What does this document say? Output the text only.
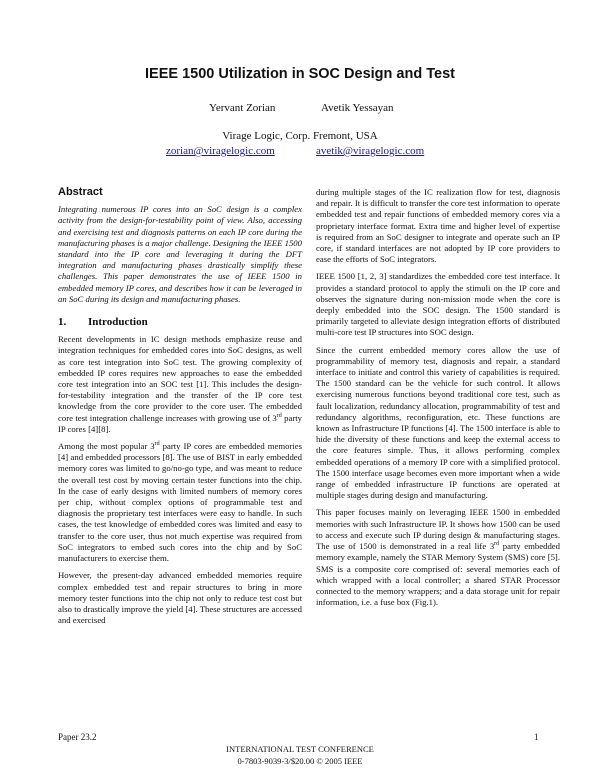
IEEE 1500 Utilization in SOC Design and Test
Yervant Zorian	Avetik Yessayan
Virage Logic, Corp. Fremont, USA
zorian@viragelogic.com	avetik@viragelogic.com
Abstract

Integrating numerous IP cores into an SoC design is a complex activity from the design-for-testability point of view. Also, accessing and exercising test and diagnosis patterns on each IP core during the manufacturing phases is a major challenge. Designing the IEEE 1500 standard into the IP core and leveraging it during the DFT integration and manufacturing phases drastically simplify these challenges. This paper demonstrates the use of IEEE 1500 in embedded memory IP cores, and describes how it can be leveraged in an SoC during its design and manufacturing phases.

1. Introduction

Recent developments in IC design methods emphasize reuse and integration techniques for embedded cores into SoC designs, as well as core test integration into SoC test. The growing complexity of embedded IP cores requires new approaches to ease the embedded core test integration into an SOC test [1]. This includes the design-for-testability integration and the transfer of the IP core test knowledge from the core provider to the core user. The embedded core test integration challenge increases with growing use of 3rd party IP cores [4][8].

Among the most popular 3rd party IP cores are embedded memories [4] and embedded processors [8]. The use of BIST in early embedded memory cores was limited to go/no-go type, and was meant to reduce the overall test cost by moving certain tester functions into the chip. In the case of early designs with limited numbers of memory cores per chip, without complex options of programmable test and diagnosis the proprietary test interfaces were easy to handle. In such cases, the test knowledge of embedded cores was limited and easy to transfer to the core user, thus not much expertise was required from SoC integrators to embed such cores into the chip and by SoC manufacturers to exercise them.

However, the present-day advanced embedded memories require complex embedded test and repair structures to bring in more memory tester functions into the chip not only to reduce test cost but also to drastically improve the yield [4]. These structures are accessed and exercised

during multiple stages of the IC realization flow for test, diagnosis and repair. It is difficult to transfer the core test information to operate embedded test and repair functions of embedded memory cores via a proprietary interface format. Extra time and higher level of expertise is required from an SoC designer to integrate and operate such an IP core, if standard interfaces are not adopted by IP core providers to ease the efforts of SoC integrators.

IEEE 1500 [1, 2, 3] standardizes the embedded core test interface. It provides a standard protocol to apply the stimuli on the IP core and observes the signature during non-mission mode when the core is deeply embedded into the SOC design. The 1500 standard is primarily targeted to alleviate design integration efforts of distributed multi-core test IP structures into SOC design.

Since the current embedded memory cores allow the use of programmability of memory test, diagnosis and repair, a standard interface to initiate and control this variety of capabilities is required. The 1500 standard can be the vehicle for such control. It allows exercising numerous functions beyond traditional core test, such as fault localization, redundancy allocation, programmability of test and redundancy algorithms, reconfiguration, etc. These functions are known as Infrastructure IP functions [4]. The 1500 interface is able to hide the diversity of these functions and keep the external access to the core features simple. Thus, it allows performing complex embedded operations of a memory IP core with a simplified protocol. The 1500 interface usage becomes even more important when a wide range of embedded infrastructure IP functions are operated at multiple stages during design and manufacturing.

This paper focuses mainly on leveraging IEEE 1500 in embedded memories with such Infrastructure IP. It shows how 1500 can be used to access and execute such IP during design & manufacturing stages. The use of 1500 is demonstrated in a real life 3rd party embedded memory example, namely the STAR Memory System (SMS) core [5]. SMS is a composite core comprised of: several memories each of which wrapped with a local controller; a shared STAR Processor connected to the memory wrappers; and a data storage unit for repair information, i.e. a fuse box (Fig.1).

Paper 23.2	1
INTERNATIONAL TEST CONFERENCE
0-7803-9039-3/$20.00 © 2005 IEEE
